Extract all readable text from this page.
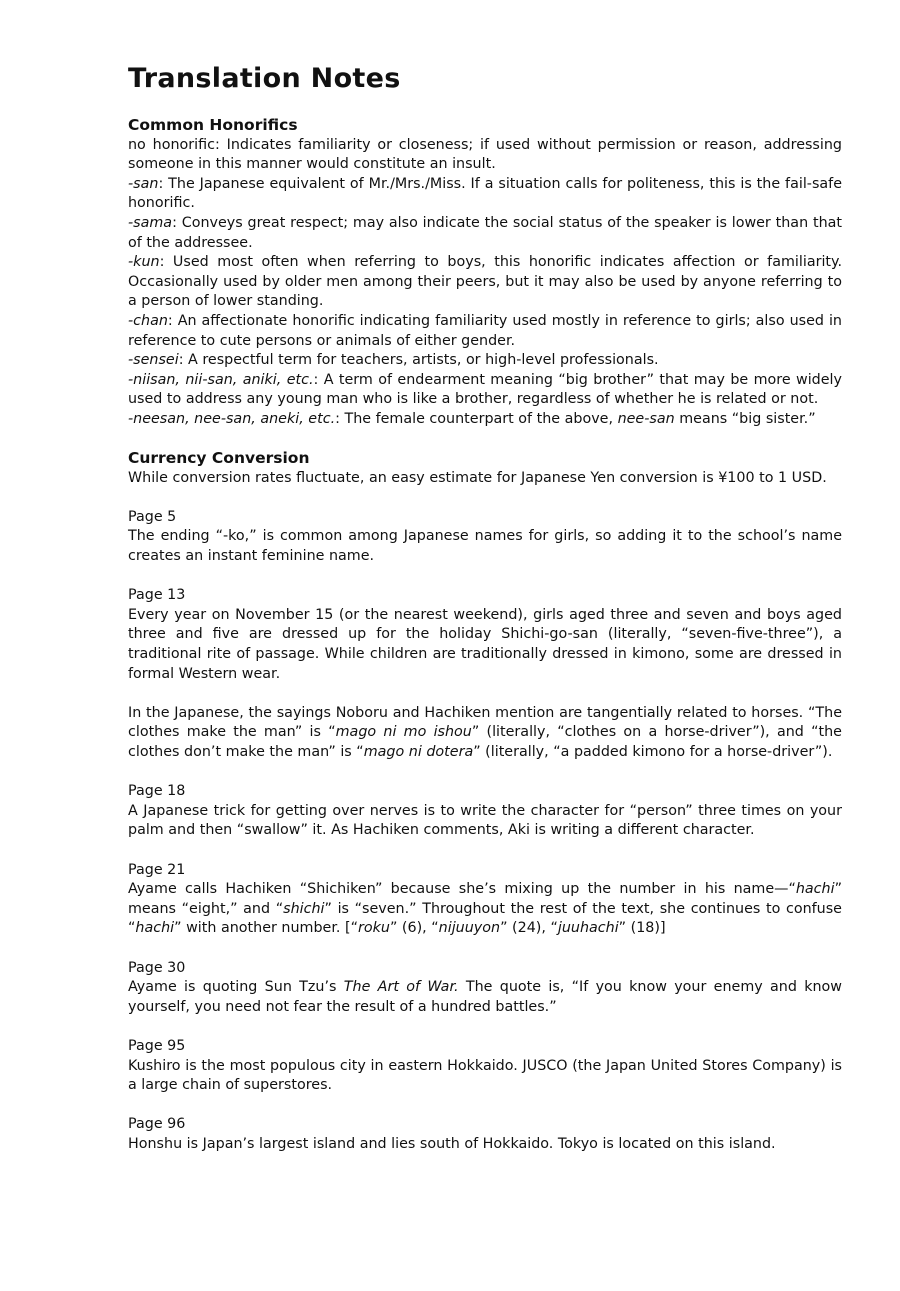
Translation Notes
Common Honorifics

no honorific: Indicates familiarity or closeness; if used without permission or reason, addressing someone in this manner would constitute an insult.

-san: The Japanese equivalent of Mr./Mrs./Miss. If a situation calls for politeness, this is the fail-safe honorific.

-sama: Conveys great respect; may also indicate the social status of the speaker is lower than that of the addressee.

-kun: Used most often when referring to boys, this honorific indicates affection or familiarity. Occasionally used by older men among their peers, but it may also be used by anyone referring to a person of lower standing.

-chan: An affectionate honorific indicating familiarity used mostly in reference to girls; also used in reference to cute persons or animals of either gender.

-sensei: A respectful term for teachers, artists, or high-level professionals.

-niisan, nii-san, aniki, etc.: A term of endearment meaning “big brother” that may be more widely used to address any young man who is like a brother, regardless of whether he is related or not.

-neesan, nee-san, aneki, etc.: The female counterpart of the above, nee-san means “big sister.”

Currency Conversion

While conversion rates fluctuate, an easy estimate for Japanese Yen conversion is ¥100 to 1 USD.

Page 5

The ending “-ko,” is common among Japanese names for girls, so adding it to the school’s name creates an instant feminine name.

Page 13

Every year on November 15 (or the nearest weekend), girls aged three and seven and boys aged three and five are dressed up for the holiday Shichi-go-san (literally, “seven-five-three”), a traditional rite of passage. While children are traditionally dressed in kimono, some are dressed in formal Western wear.

In the Japanese, the sayings Noboru and Hachiken mention are tangentially related to horses. “The clothes make the man” is “mago ni mo ishou” (literally, “clothes on a horse-driver”), and “the clothes don’t make the man” is “mago ni dotera” (literally, “a padded kimono for a horse-driver”).

Page 18

A Japanese trick for getting over nerves is to write the character for “person” three times on your palm and then “swallow” it. As Hachiken comments, Aki is writing a different character.

Page 21

Ayame calls Hachiken “Shichiken” because she’s mixing up the number in his name—“hachi” means “eight,” and “shichi” is “seven.” Throughout the rest of the text, she continues to confuse “hachi” with another number. [“roku” (6), “nijuuyon” (24), “juuhachi” (18)]

Page 30

Ayame is quoting Sun Tzu’s The Art of War. The quote is, “If you know your enemy and know yourself, you need not fear the result of a hundred battles.”

Page 95

Kushiro is the most populous city in eastern Hokkaido. JUSCO (the Japan United Stores Company) is a large chain of superstores.

Page 96

Honshu is Japan’s largest island and lies south of Hokkaido. Tokyo is located on this island.
